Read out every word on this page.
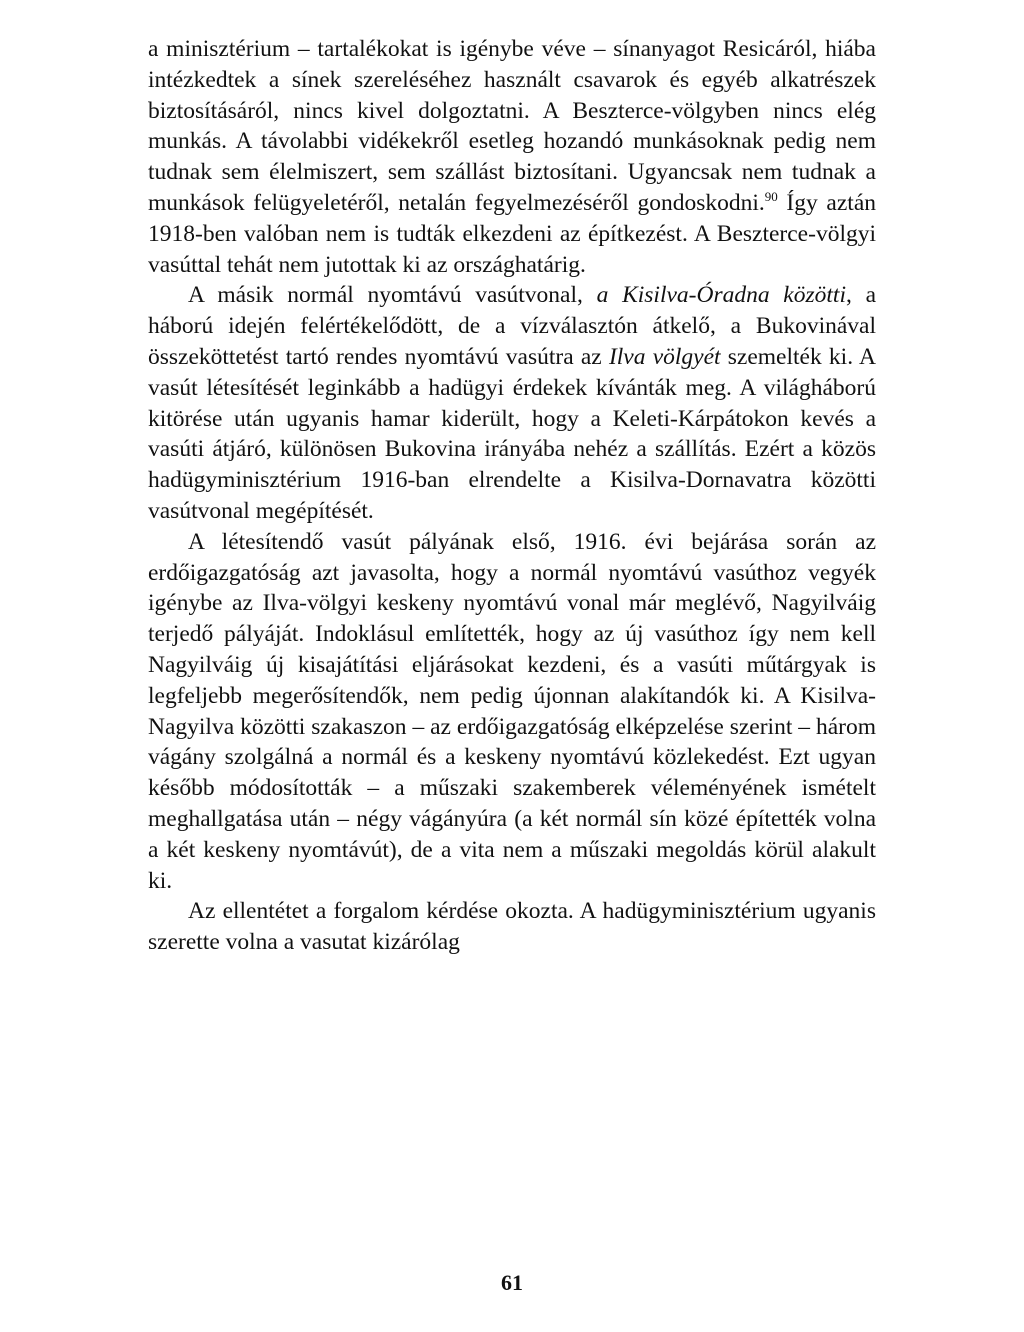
a minisztérium – tartalékokat is igénybe véve – sínanyagot Resicáról, hiába intézkedtek a sínek szereléséhez használt csavarok és egyéb alkatrészek biztosításáról, nincs kivel dolgoztatni. A Beszterce-völgyben nincs elég munkás. A távolabbi vidékekről esetleg hozandó munkásoknak pedig nem tudnak sem élelmiszert, sem szállást biztosítani. Ugyancsak nem tudnak a munkások felügyeletéről, netalán fegyelmezéséről gondoskodni.$^{90}$ Így aztán 1918-ben valóban nem is tudták elkezdeni az építkezést. A Beszterce-völgyi vasúttal tehát nem jutottak ki az országhatárig.

A másik normál nyomtávú vasútvonal, a Kisilva-Óradna közötti, a háború idején felértékelődött, de a vízválasztón átkelő, a Bukovinával összeköttetést tartó rendes nyomtávú vasútra az Ilva völgyét szemelték ki. A vasút létesítését leginkább a hadügyi érdekek kívánták meg. A világháború kitörése után ugyanis hamar kiderült, hogy a Keleti-Kárpátokon kevés a vasúti átjáró, különösen Bukovina irányába nehéz a szállítás. Ezért a közös hadügyminisztérium 1916-ban elrendelte a Kisilva-Dornavatra közötti vasútvonal megépítését.

A létesítendő vasút pályának első, 1916. évi bejárása során az erdőigazgatóság azt javasolta, hogy a normál nyomtávú vasúthoz vegyék igénybe az Ilva-völgyi keskeny nyomtávú vonal már meglévő, Nagyilváig terjedő pályáját. Indoklásul említették, hogy az új vasúthoz így nem kell Nagyilváig új kisajátítási eljárásokat kezdeni, és a vasúti műtárgyak is legfeljebb megerősítendők, nem pedig újonnan alakítandók ki. A Kisilva-Nagyilva közötti szakaszon – az erdőigazgatóság elképzelése szerint – három vágány szolgálná a normál és a keskeny nyomtávú közlekedést. Ezt ugyan később módosították – a műszaki szakemberek véleményének ismételt meghallgatása után – négy vágányúra (a két normál sín közé építették volna a két keskeny nyomtávút), de a vita nem a műszaki megoldás körül alakult ki.

Az ellentétet a forgalom kérdése okozta. A hadügyminisztérium ugyanis szerette volna a vasutat kizárólag

61
